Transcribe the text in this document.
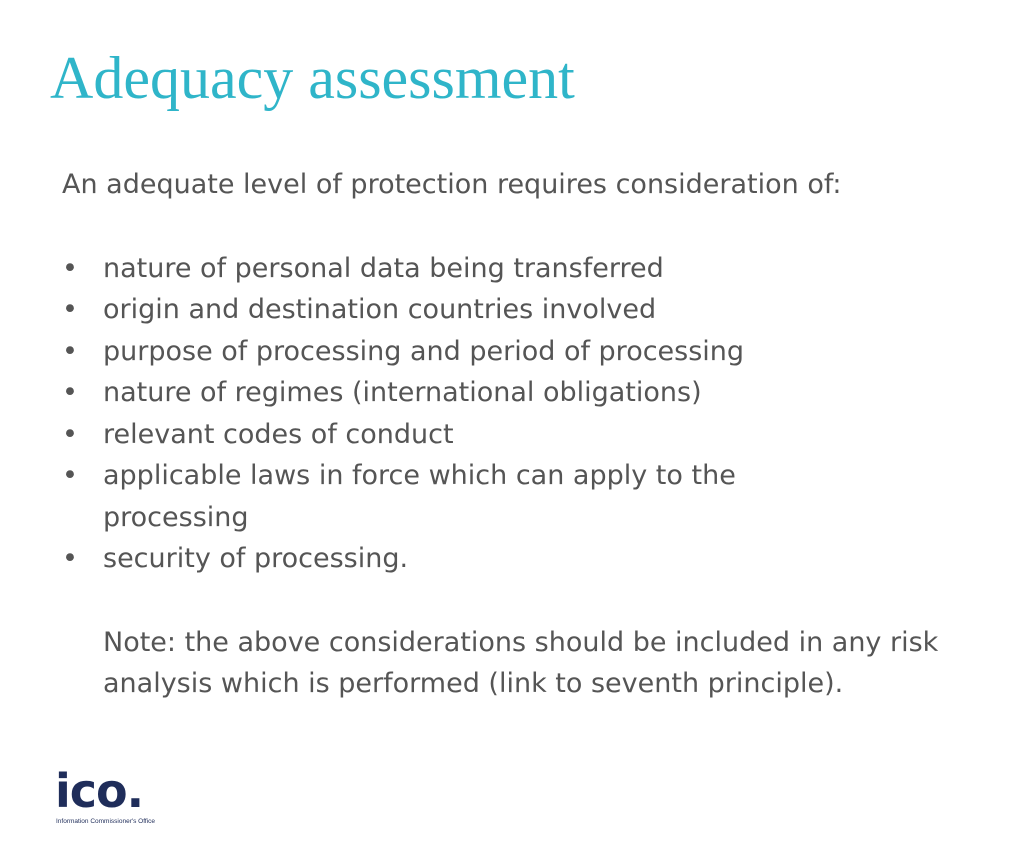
Adequacy assessment

An adequate level of protection requires consideration of:

• nature of personal data being transferred
• origin and destination countries involved
• purpose of processing and period of processing
• nature of regimes (international obligations)
• relevant codes of conduct
• applicable laws in force which can apply to the processing
• security of processing.

Note: the above considerations should be included in any risk analysis which is performed (link to seventh principle).

ico.
Information Commissioner's Office
